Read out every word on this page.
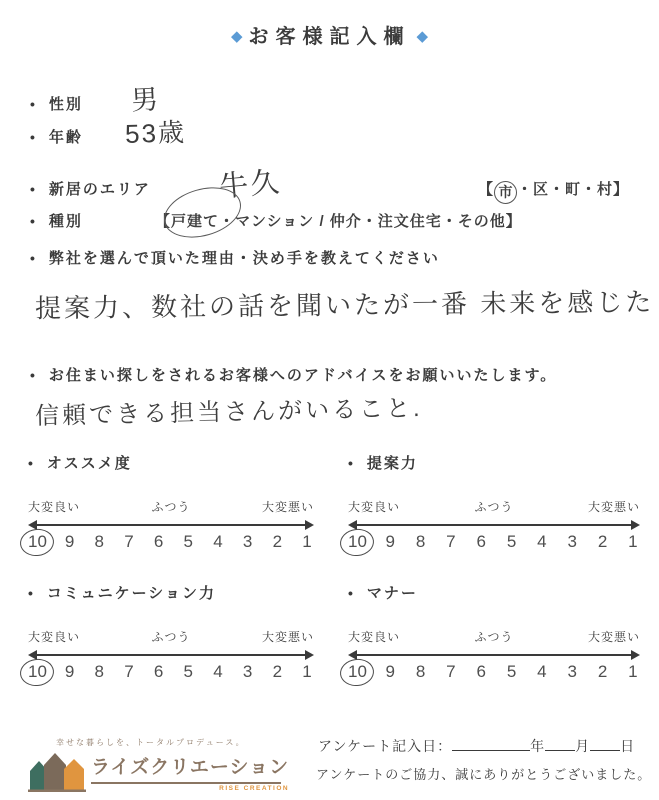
◆ お客様記入欄 ◆
• 性別 男
• 年齢 53歳
• 新居のエリア 牛久	【 市 ・区・町・村】
• 種別	【戸建て・マンション / 仲介・注文住宅・その他】
• 弊社を選んで頂いた理由・決め手を教えてください
提案力、数社の話を聞いたが一番 未来を感じた
• お住まい探しをされるお客様へのアドバイスをお願いいたします。
信頼できる担当さんがいること.
• オススメ度
大変良い	ふつう	大変悪い
10 9 8 7 6 5 4 3 2 1
• 提案力
大変良い	ふつう	大変悪い
10 9 8 7 6 5 4 3 2 1
• コミュニケーション力
大変良い	ふつう	大変悪い
10 9 8 7 6 5 4 3 2 1
• マナー
大変良い	ふつう	大変悪い
10 9 8 7 6 5 4 3 2 1
幸せな暮らしを、トータルプロデュース。
ライズクリエーション
RISE CREATION
アンケート記入日：	年 月 日
アンケートのご協力、誠にありがとうございました。
